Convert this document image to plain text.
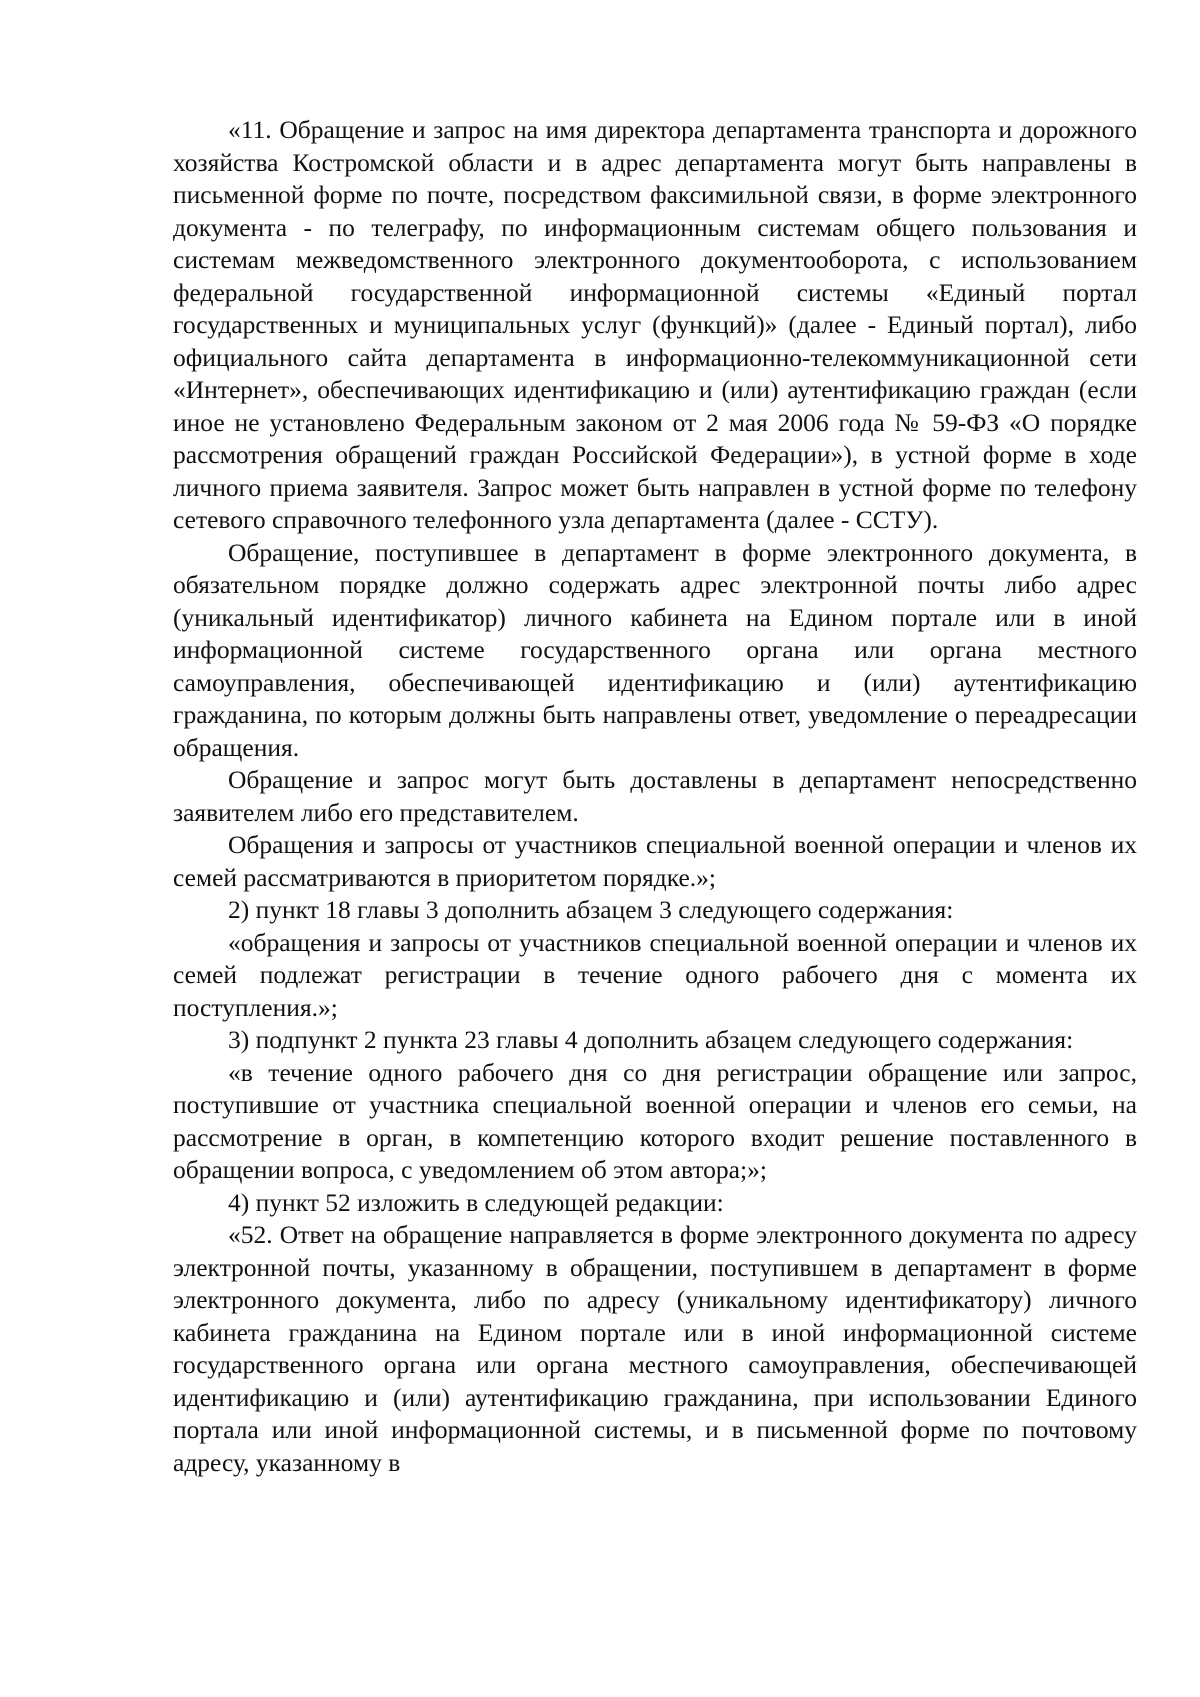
«11. Обращение и запрос на имя директора департамента транспорта и дорожного хозяйства Костромской области и в адрес департамента могут быть направлены в письменной форме по почте, посредством факсимильной связи, в форме электронного документа - по телеграфу, по информационным системам общего пользования и системам межведомственного электронного документооборота, с использованием федеральной государственной информационной системы «Единый портал государственных и муниципальных услуг (функций)» (далее - Единый портал), либо официального сайта департамента в информационно-телекоммуникационной сети «Интернет», обеспечивающих идентификацию и (или) аутентификацию граждан (если иное не установлено Федеральным законом от 2 мая 2006 года № 59-ФЗ «О порядке рассмотрения обращений граждан Российской Федерации»), в устной форме в ходе личного приема заявителя. Запрос может быть направлен в устной форме по телефону сетевого справочного телефонного узла департамента (далее - ССТУ).

Обращение, поступившее в департамент в форме электронного документа, в обязательном порядке должно содержать адрес электронной почты либо адрес (уникальный идентификатор) личного кабинета на Едином портале или в иной информационной системе государственного органа или органа местного самоуправления, обеспечивающей идентификацию и (или) аутентификацию гражданина, по которым должны быть направлены ответ, уведомление о переадресации обращения.

Обращение и запрос могут быть доставлены в департамент непосредственно заявителем либо его представителем.

Обращения и запросы от участников специальной военной операции и членов их семей рассматриваются в приоритетом порядке.»;

2) пункт 18 главы 3 дополнить абзацем 3 следующего содержания:

«обращения и запросы от участников специальной военной операции и членов их семей подлежат регистрации в течение одного рабочего дня с момента их поступления.»;

3) подпункт 2 пункта 23 главы 4 дополнить абзацем следующего содержания:

«в течение одного рабочего дня со дня регистрации обращение или запрос, поступившие от участника специальной военной операции и членов его семьи, на рассмотрение в орган, в компетенцию которого входит решение поставленного в обращении вопроса, с уведомлением об этом автора;»;

4) пункт 52 изложить в следующей редакции:

«52. Ответ на обращение направляется в форме электронного документа по адресу электронной почты, указанному в обращении, поступившем в департамент в форме электронного документа, либо по адресу (уникальному идентификатору) личного кабинета гражданина на Едином портале или в иной информационной системе государственного органа или органа местного самоуправления, обеспечивающей идентификацию и (или) аутентификацию гражданина, при использовании Единого портала или иной информационной системы, и в письменной форме по почтовому адресу, указанному в
